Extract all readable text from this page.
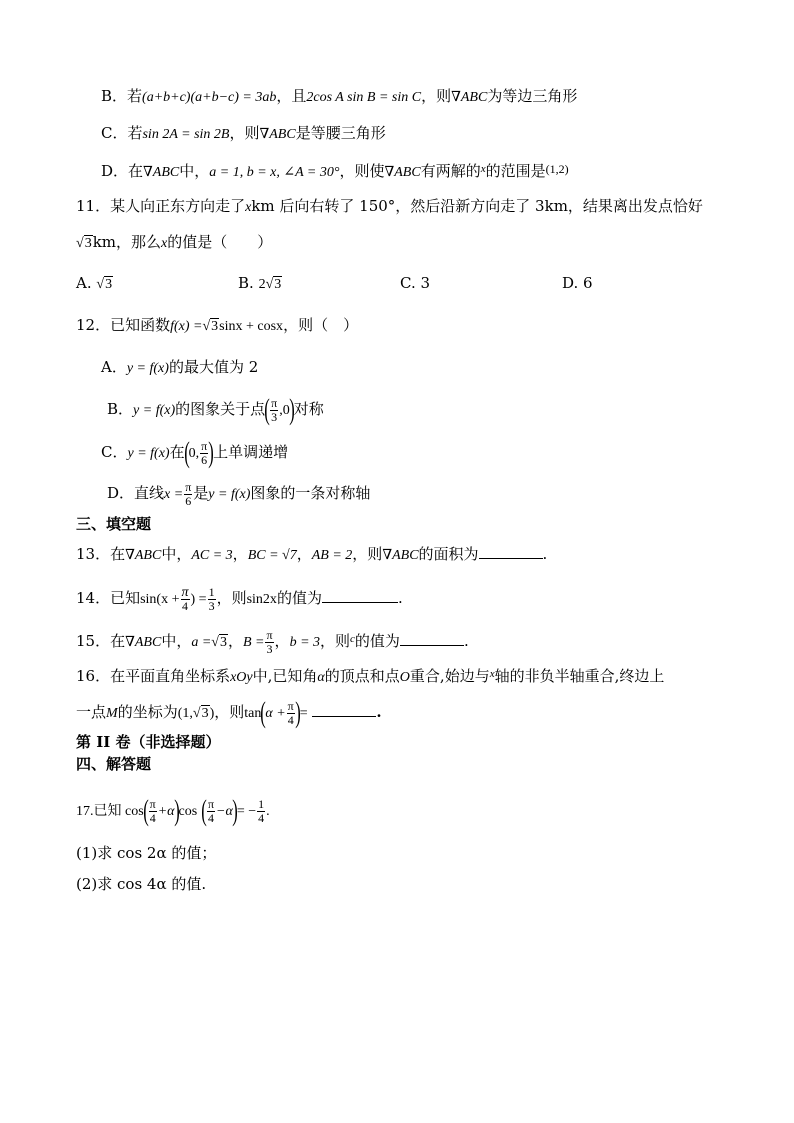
B．若(a+b+c)(a+b−c) = 3ab，且2cos A sin B = sin C，则∇ABC为等边三角形
C．若sin 2A = sin 2B，则∇ABC是等腰三角形
D．在∇ABC中，a = 1, b = x, ∠A = 30°，则使∇ABC有两解的$^x$的范围是$^{(1,2)}$
11．某人向正东方向走了xkm 后向右转了 150°，然后沿新方向走了 3km，结果离出发点恰好
√3km，那么x的值是（　　）
A. √3	B. 2√3	C. 3	D. 6
12．已知函数f(x) =√3sinx + cosx，则（　）
A．y = f(x)的最大值为 2
B．y = f(x)的图象关于点( $\frac{\pi}{3} ,0$)对称
C．y = f(x)在(0, $\frac{\pi}{6}$ )上单调递增
D．直线$x = \frac{\pi}{6}$ 是y = f(x)图象的一条对称轴
三、填空题
13．在∇ABC中，AC = 3，BC = √7，AB = 2，则∇ABC的面积为	.
14．已知$\sin(x + \frac{\pi}{4}$ ) = $\frac{1}{3}$ ，则sin2x的值为	.
15．在∇ABC中，a =√3，$B = \frac{\pi}{3}$ ，b = 3，则$^c$的值为	.
16．在平面直角坐标系xOy中,已知角α的顶点和点O重合,始边与$^x$轴的非负半轴重合,终边上
一点M的坐标为(1,√3)，则$\tan(\alpha + \frac{\pi}{4}$ )=	.
第 II 卷（非选择题）
四、解答题
17.已知 $\cos( \frac{\pi}{4} +\alpha)\cos$ ( $\frac{\pi}{4} -\alpha)= - \frac{1}{4}$ .
(1)求 cos 2α 的值；
(2)求 cos 4α 的值.
